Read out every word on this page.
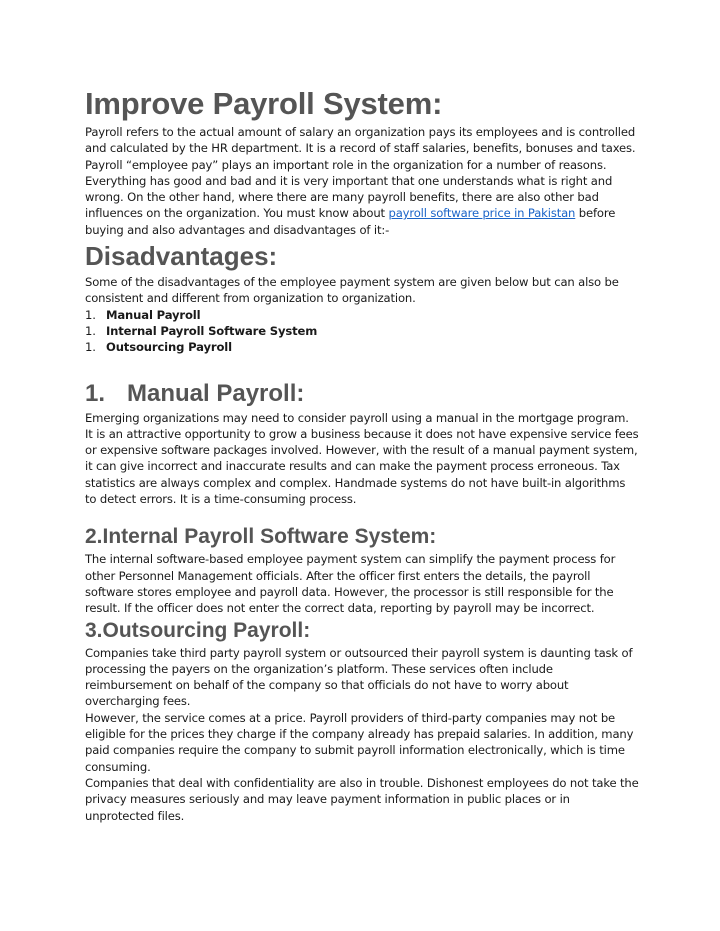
Improve Payroll System:

Payroll refers to the actual amount of salary an organization pays its employees and is controlled and calculated by the HR department. It is a record of staff salaries, benefits, bonuses and taxes. Payroll “employee pay” plays an important role in the organization for a number of reasons.

Everything has good and bad and it is very important that one understands what is right and wrong. On the other hand, where there are many payroll benefits, there are also other bad influences on the organization. You must know about payroll software price in Pakistan before buying and also advantages and disadvantages of it:-

Disadvantages:

Some of the disadvantages of the employee payment system are given below but can also be consistent and different from organization to organization.

1. Manual Payroll
1. Internal Payroll Software System
1. Outsourcing Payroll
1. Manual Payroll:

Emerging organizations may need to consider payroll using a manual in the mortgage program. It is an attractive opportunity to grow a business because it does not have expensive service fees or expensive software packages involved. However, with the result of a manual payment system, it can give incorrect and inaccurate results and can make the payment process erroneous. Tax statistics are always complex and complex. Handmade systems do not have built-in algorithms to detect errors. It is a time-consuming process.

2.Internal Payroll Software System:

The internal software-based employee payment system can simplify the payment process for other Personnel Management officials. After the officer first enters the details, the payroll software stores employee and payroll data. However, the processor is still responsible for the result. If the officer does not enter the correct data, reporting by payroll may be incorrect.

3.Outsourcing Payroll:

Companies take third party payroll system or outsourced their payroll system is daunting task of processing the payers on the organization’s platform. These services often include reimbursement on behalf of the company so that officials do not have to worry about overcharging fees.

However, the service comes at a price. Payroll providers of third-party companies may not be eligible for the prices they charge if the company already has prepaid salaries. In addition, many paid companies require the company to submit payroll information electronically, which is time consuming.

Companies that deal with confidentiality are also in trouble. Dishonest employees do not take the privacy measures seriously and may leave payment information in public places or in unprotected files.
